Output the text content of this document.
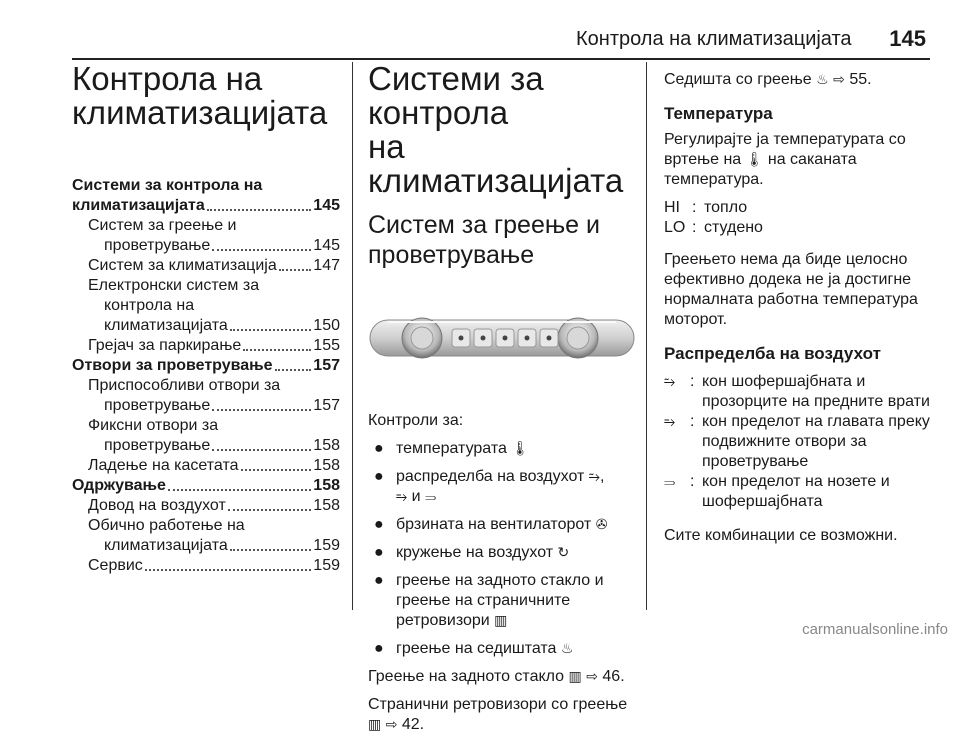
Контрола на климатизацијата 145
Контрола на
климатизацијата
Системи за контрола на
климатизацијата	145
Систем за греење и
проветрување	145
Систем за климатизација 147
Електронски систем за
контрола на
климатизацијата	150
Грејач за паркирање	155
Отвори за проветрување	157
Приспособливи отвори за
проветрување	157
Фиксни отвори за
проветрување	158
Ладење на касетата	158
Одржување	158
Довод на воздухот	158
Обично работење на
климатизацијата	159
Сервис	159
Системи за контрола
на климатизацијата
Систем за греење и
проветрување

Контроли за:

● температурата 🌡
● распределба на воздухот ⥲,
⥱ и ⥰
● брзината на вентилаторот ✇
● кружење на воздухот ↻
● греење на задното стакло и
греење на страничните
ретровизори ▥
● греење на седиштата ♨

Греење на задното стакло ▥ ⇨ 46.

Странични ретровизори со греење
▥ ⇨ 42.

Седишта со греење ♨ ⇨ 55.

Температура

Регулирајте ја температурата со
вртење на 🌡 на саканата
температура.

HI : топло
LO : студено

Греењето нема да биде целосно
ефективно додека не ја достигне
нормалната работна температура
моторот.

Распределба на воздухот

⥲ : кон шофершајбната и
прозорците на предните врати
⥱ : кон пределот на главата преку
подвижните отвори за
проветрување
⥰ : кон пределот на нозете и
шофершајбната

Сите комбинации се возможни.

carmanualsonline.info
